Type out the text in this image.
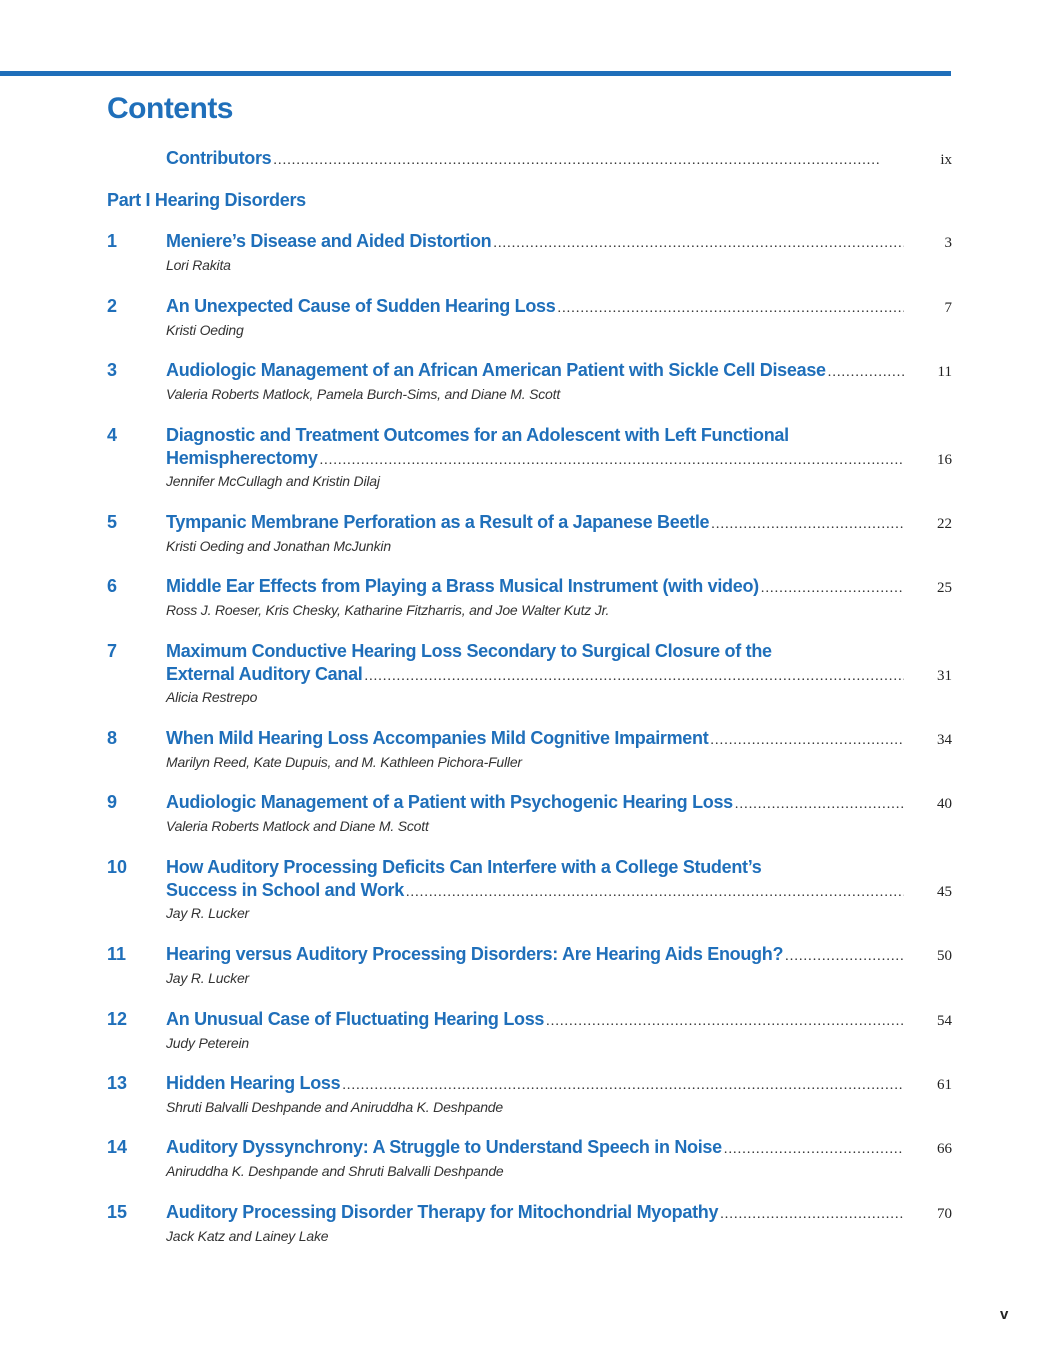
Contents
Contributors . . .	ix
Part I Hearing Disorders
1	Meniere’s Disease and Aided Distortion . . .	3
Lori Rakita
2	An Unexpected Cause of Sudden Hearing Loss . . .	7
Kristi Oeding
3	Audiologic Management of an African American Patient with Sickle Cell Disease . . .	11
Valeria Roberts Matlock, Pamela Burch-Sims, and Diane M. Scott
4	Diagnostic and Treatment Outcomes for an Adolescent with Left Functional
Hemispherectomy . . .	16
Jennifer McCullagh and Kristin Dilaj
5	Tympanic Membrane Perforation as a Result of a Japanese Beetle . . .	22
Kristi Oeding and Jonathan McJunkin
6	Middle Ear Effects from Playing a Brass Musical Instrument (with video) . . .	25
Ross J. Roeser, Kris Chesky, Katharine Fitzharris, and Joe Walter Kutz Jr.
7	Maximum Conductive Hearing Loss Secondary to Surgical Closure of the
External Auditory Canal . . .	31
Alicia Restrepo
8	When Mild Hearing Loss Accompanies Mild Cognitive Impairment . . .	34
Marilyn Reed, Kate Dupuis, and M. Kathleen Pichora-Fuller
9	Audiologic Management of a Patient with Psychogenic Hearing Loss . . .	40
Valeria Roberts Matlock and Diane M. Scott
10 How Auditory Processing Deficits Can Interfere with a College Student’s
Success in School and Work . . .	45
Jay R. Lucker
11 Hearing versus Auditory Processing Disorders: Are Hearing Aids Enough? . . .	50
Jay R. Lucker
12 An Unusual Case of Fluctuating Hearing Loss . . .	54
Judy Peterein
13 Hidden Hearing Loss . . .	61
Shruti Balvalli Deshpande and Aniruddha K. Deshpande
14 Auditory Dyssynchrony: A Struggle to Understand Speech in Noise . . .	66
Aniruddha K. Deshpande and Shruti Balvalli Deshpande
15 Auditory Processing Disorder Therapy for Mitochondrial Myopathy . . .	70
Jack Katz and Lainey Lake
v
